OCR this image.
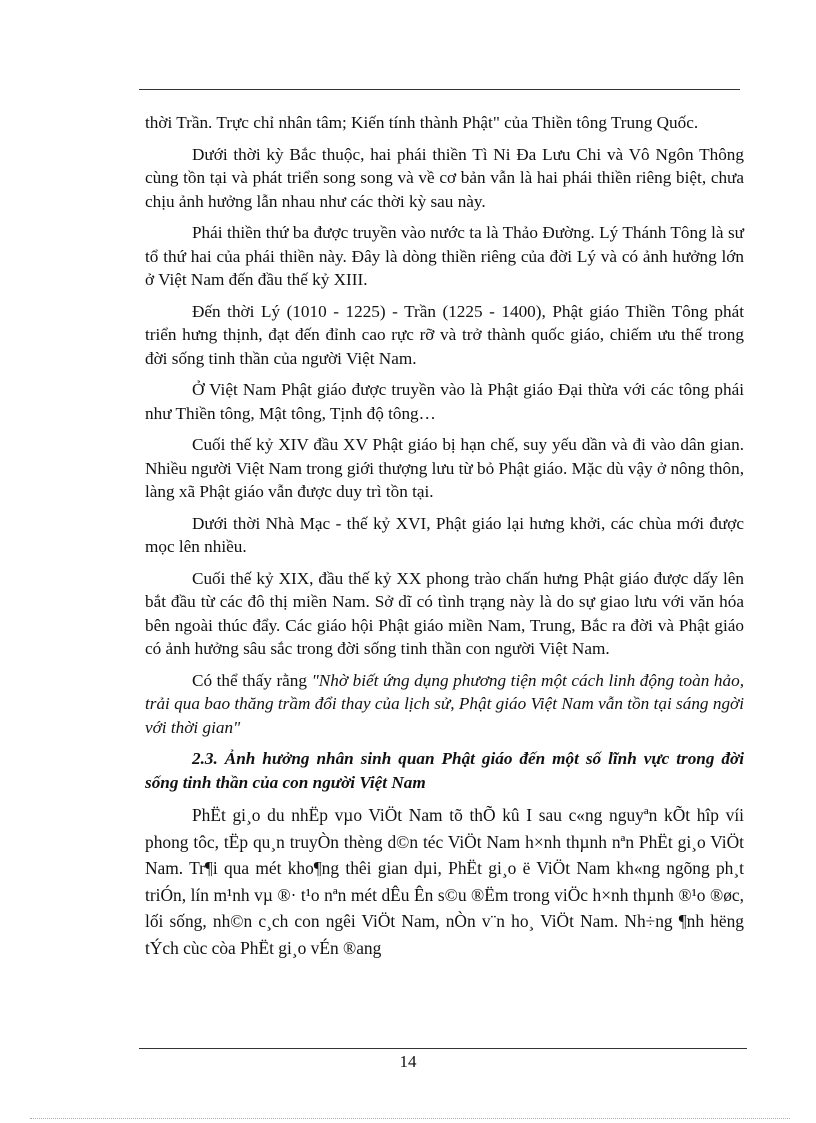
thời Trần. Trực chỉ nhân tâm; Kiến tính thành Phật" của Thiền tông Trung Quốc.

Dưới thời kỳ Bắc thuộc, hai phái thiền Tì Ni Đa Lưu Chi và Vô Ngôn Thông cùng tồn tại và phát triển song song và về cơ bản vẫn là hai phái thiền riêng biệt, chưa chịu ảnh hưởng lẫn nhau như các thời kỳ sau này.

Phái thiền thứ ba được truyền vào nước ta là Thảo Đường. Lý Thánh Tông là sư tổ thứ hai của phái thiền này. Đây là dòng thiền riêng của đời Lý và có ảnh hưởng lớn ở Việt Nam đến đầu thế kỷ XIII.

Đến thời Lý (1010 - 1225) - Trần (1225 - 1400), Phật giáo Thiền Tông phát triển hưng thịnh, đạt đến đỉnh cao rực rỡ và trở thành quốc giáo, chiếm ưu thế trong đời sống tinh thần của người Việt Nam.

Ở Việt Nam Phật giáo được truyền vào là Phật giáo Đại thừa với các tông phái như Thiền tông, Mật tông, Tịnh độ tông…

Cuối thế kỷ XIV đầu XV Phật giáo bị hạn chế, suy yếu dần và đi vào dân gian. Nhiều người Việt Nam trong giới thượng lưu từ bỏ Phật giáo. Mặc dù vậy ở nông thôn, làng xã Phật giáo vẫn được duy trì tồn tại.

Dưới thời Nhà Mạc - thế kỷ XVI, Phật giáo lại hưng khởi, các chùa mới được mọc lên nhiều.

Cuối thế kỷ XIX, đầu thế kỷ XX phong trào chấn hưng Phật giáo được dấy lên bắt đầu từ các đô thị miền Nam. Sở dĩ có tình trạng này là do sự giao lưu với văn hóa bên ngoài thúc đẩy. Các giáo hội Phật giáo miền Nam, Trung, Bắc ra đời và Phật giáo có ảnh hưởng sâu sắc trong đời sống tinh thần con người Việt Nam.

Có thể thấy rằng "Nhờ biết ứng dụng phương tiện một cách linh động toàn hảo, trải qua bao thăng trầm đổi thay của lịch sử, Phật giáo Việt Nam vẫn tồn tại sáng ngời với thời gian"

2.3. Ảnh hưởng nhân sinh quan Phật giáo đến một số lĩnh vực trong đời sống tinh thần của con người Việt Nam

PhËt gi¸o du nhËp vµo ViÖt Nam tõ thÕ kû I sau c«ng nguyªn kÕt hîp víi phong tôc, tËp qu¸n truyÒn thèng d©n téc ViÖt Nam h×nh thµnh nªn PhËt gi¸o ViÖt Nam. Tr¶i qua mét kho¶ng thêi gian dµi, PhËt gi¸o ë ViÖt Nam kh«ng ngõng ph¸t triÓn, lín m¹nh vµ ®· t¹o nªn mét dÊu Ên s©u ®Ëm trong viÖc h×nh thµnh ®¹o ®øc, lối sống, nh©n c¸ch con ngêi ViÖt Nam, nÒn v¨n ho¸ ViÖt Nam. Nh÷ng ¶nh hëng tÝch cùc còa PhËt gi¸o vÉn ®ang

14
